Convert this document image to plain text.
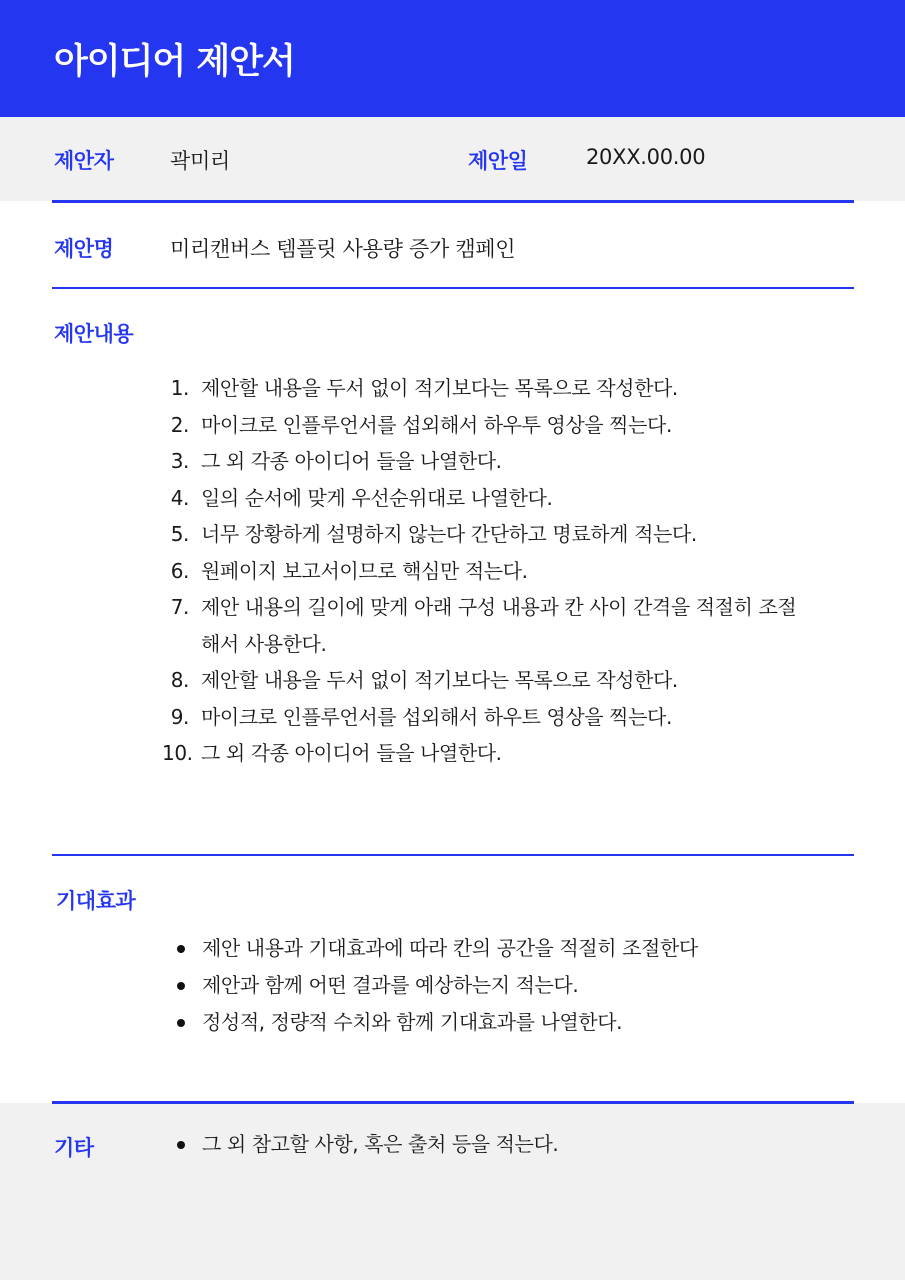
아이디어 제안서
제안자	곽미리	제안일	20XX.00.00
제안명	미리캔버스 템플릿 사용량 증가 캠페인
제안내용
1. 제안할 내용을 두서 없이 적기보다는 목록으로 작성한다.
2. 마이크로 인플루언서를 섭외해서 하우투 영상을 찍는다.
3. 그 외 각종 아이디어 들을 나열한다.
4. 일의 순서에 맞게 우선순위대로 나열한다.
5. 너무 장황하게 설명하지 않는다 간단하고 명료하게 적는다.
6. 원페이지 보고서이므로 핵심만 적는다.
7. 제안 내용의 길이에 맞게 아래 구성 내용과 칸 사이 간격을 적절히 조절해서 사용한다.
8. 제안할 내용을 두서 없이 적기보다는 목록으로 작성한다.
9. 마이크로 인플루언서를 섭외해서 하우트 영상을 찍는다.
10. 그 외 각종 아이디어 들을 나열한다.
기대효과
제안 내용과 기대효과에 따라 칸의 공간을 적절히 조절한다
제안과 함께 어떤 결과를 예상하는지 적는다.
정성적, 정량적 수치와 함께 기대효과를 나열한다.
기타	그 외 참고할 사항, 혹은 출처 등을 적는다.
